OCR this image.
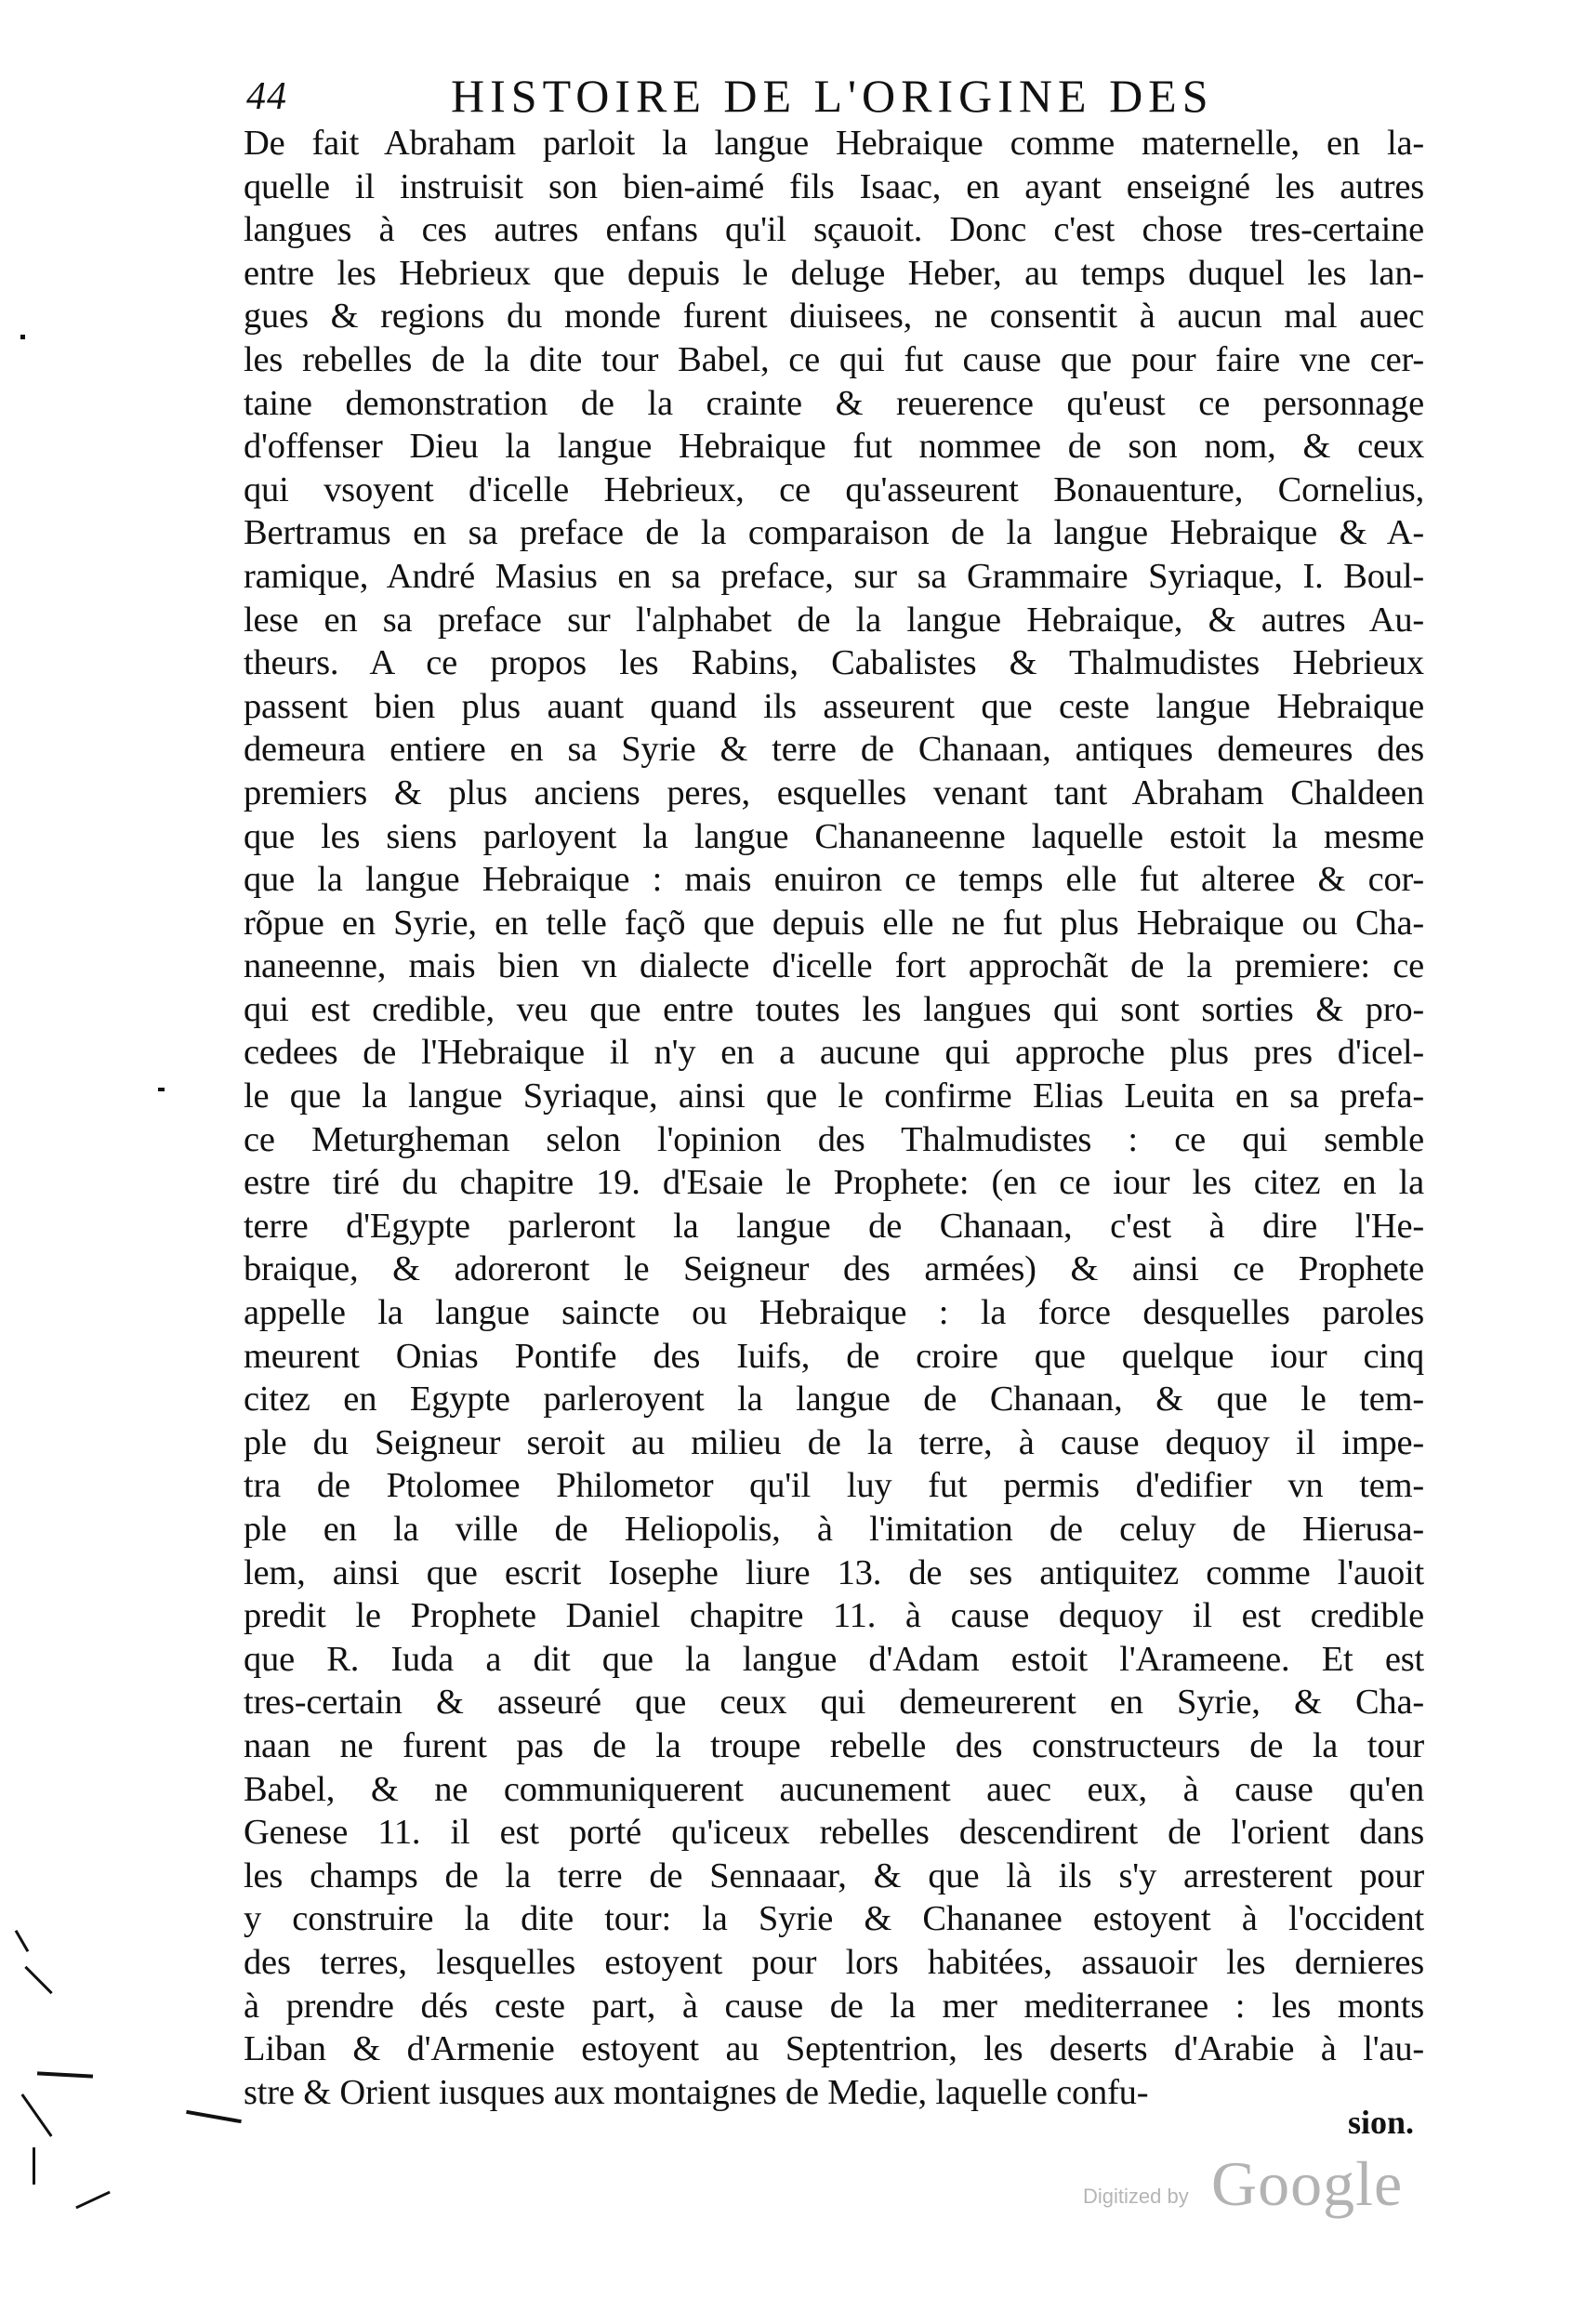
44	HISTOIRE DE L'ORIGINE DES
De fait Abraham parloit la langue Hebraique comme maternelle, en la-
quelle il instruisit son bien-aimé fils Isaac, en ayant enseigné les autres
langues à ces autres enfans qu'il sçauoit. Donc c'est chose tres-certaine
entre les Hebrieux que depuis le deluge Heber, au temps duquel les lan-
gues & regions du monde furent diuisees, ne consentit à aucun mal auec
les rebelles de la dite tour Babel, ce qui fut cause que pour faire vne cer-
taine demonstration de la crainte & reuerence qu'eust ce personnage
d'offenser Dieu la langue Hebraique fut nommee de son nom, & ceux
qui vsoyent d'icelle Hebrieux, ce qu'asseurent Bonauenture, Cornelius,
Bertramus en sa preface de la comparaison de la langue Hebraique & A-
ramique, André Masius en sa preface, sur sa Grammaire Syriaque, I. Boul-
lese en sa preface sur l'alphabet de la langue Hebraique, & autres Au-
theurs. A ce propos les Rabins, Cabalistes & Thalmudistes Hebrieux
passent bien plus auant quand ils asseurent que ceste langue Hebraique
demeura entiere en sa Syrie & terre de Chanaan, antiques demeures des
premiers & plus anciens peres, esquelles venant tant Abraham Chaldeen
que les siens parloyent la langue Chananeenne laquelle estoit la mesme
que la langue Hebraique : mais enuiron ce temps elle fut alteree & cor-
rõpue en Syrie, en telle façõ que depuis elle ne fut plus Hebraique ou Cha-
naneenne, mais bien vn dialecte d'icelle fort approchãt de la premiere: ce
qui est credible, veu que entre toutes les langues qui sont sorties & pro-
cedees de l'Hebraique il n'y en a aucune qui approche plus pres d'icel-
le que la langue Syriaque, ainsi que le confirme Elias Leuita en sa prefa-
ce Meturgheman selon l'opinion des Thalmudistes : ce qui semble
estre tiré du chapitre 19. d'Esaie le Prophete: (en ce iour les citez en la
terre d'Egypte parleront la langue de Chanaan, c'est à dire l'He-
braique, & adoreront le Seigneur des armées) & ainsi ce Prophete
appelle la langue saincte ou Hebraique : la force desquelles paroles
meurent Onias Pontife des Iuifs, de croire que quelque iour cinq
citez en Egypte parleroyent la langue de Chanaan, & que le tem-
ple du Seigneur seroit au milieu de la terre, à cause dequoy il impe-
tra de Ptolomee Philometor qu'il luy fut permis d'edifier vn tem-
ple en la ville de Heliopolis, à l'imitation de celuy de Hierusa-
lem, ainsi que escrit Iosephe liure 13. de ses antiquitez comme l'auoit
predit le Prophete Daniel chapitre 11. à cause dequoy il est credible
que R. Iuda a dit que la langue d'Adam estoit l'Arameene. Et est
tres-certain & asseuré que ceux qui demeurerent en Syrie, & Cha-
naan ne furent pas de la troupe rebelle des constructeurs de la tour
Babel, & ne communiquerent aucunement auec eux, à cause qu'en
Genese 11. il est porté qu'iceux rebelles descendirent de l'orient dans
les champs de la terre de Sennaaar, & que là ils s'y arresterent pour
y construire la dite tour: la Syrie & Chananee estoyent à l'occident
des terres, lesquelles estoyent pour lors habitées, assauoir les dernieres
à prendre dés ceste part, à cause de la mer mediterranee : les monts
Liban & d'Armenie estoyent au Septentrion, les deserts d'Arabie à l'au-
stre & Orient iusques aux montaignes de Medie, laquelle confu-
sion.
Digitized by Google
